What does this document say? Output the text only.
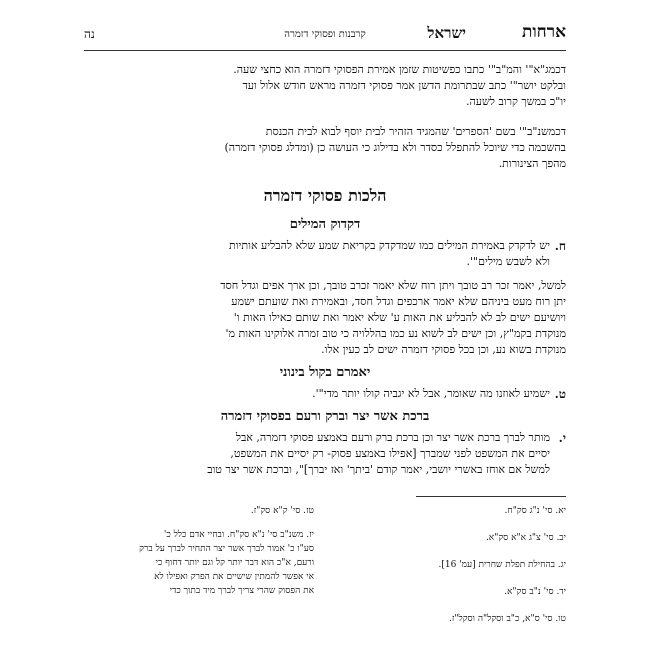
ארחות
ישראל
קרבנות ופסוקי דזמרה
נה

דכמג"א"' והמ"ב"' כתבו כפשיטות שזמן אמירת הפסוקי דזמרה הוא כחצי שעה.

ובלקט יושר"' כתב שבתרומת הדשן אמר פסוקי דזמרה מראש חודש אלול ועד

יו"כ במשך קרוב לשעה.

דכמשנ"ב"' בשם 'הספרים' שהמגיד הזהיר לבית יוסף לבוא לבית הכנסת

בהשכמה כדי שיוכל להתפלל כסדר ולא בדילוג כי העושה כן (ומדלג פסוקי דזמרה)

מהפך הצינורות.

הלכות פסוקי דזמרה
דקדוק המילים
ח.
יש לדקדק באמירת המילים כמו שמדקדק בקריאת שמע שלא להבליע אותיות
ולא לשבש מילים"'.

למשל, יאמר זכר רב טובך ויתן רוח שלא יאמר זכרב טובך, וכן ארך אפים וגדל חסד

יתן רוח מעט ביניהם שלא יאמר ארכפים וגדל חסד, ובאמירת ואת שועתם ישמע

ויושיעם ישים לב לא להבליע את האות ע' שלא יאמר ואת שותם כאילו האות ו'

מנוקדת בקמ"ץ, וכן ישים לב לשוא נע כמו בהללויה כי טוב זמרה אלוקינו האות מ'

מנוקדת בשוא נע, וכן בכל פסוקי דזמרה ישים לב כעין אלו.

יאמרם בקול בינוני
ט.
ישמיע לאוזנו מה שאומר, אבל לא יגביה קולו יותר מדי"'.
ברכת אשר יצר וברק ורעם בפסוקי דזמרה
י.
מותר לברך ברכת אשר יצר וכן ברכת ברק ורעם באמצע פסוקי דזמרה, אבל
יסיים את המשפט לפני שמברך [אפילו באמצע פסוק- רק יסיים את המשפט,
למשל אם אוחז באשרי יושבי, יאמר קודם 'ביתך' ואז יברך]", וברכת אשר יצר טוב
יא. סי' נ"ג סק"ח.
יב. סי' צ"ג א"א סק"א.
יג. בהחילת תפלת שחרית [עמ' 16].
יד. סי' נ"ב סק"א.
טו. סי' ס"א, כ"ב וסקל"ה וסקל"ז.
טז. סי' ק"א סק"ז.
יז. משנ"ב סי' נ"א סק"ח. ובחיי אדם כלל כ'
סע"ו כ' אמור לברך אשר יצר התחיר לברך על ברק
ורעם, א"כ הוא דבר יותר קל וגם יותר דחוף כי
אי אפשר להמתין שישיים את הפרק ואפילו לא
את הפסוק שהרי צריך לברך מיד בתוך כדי
